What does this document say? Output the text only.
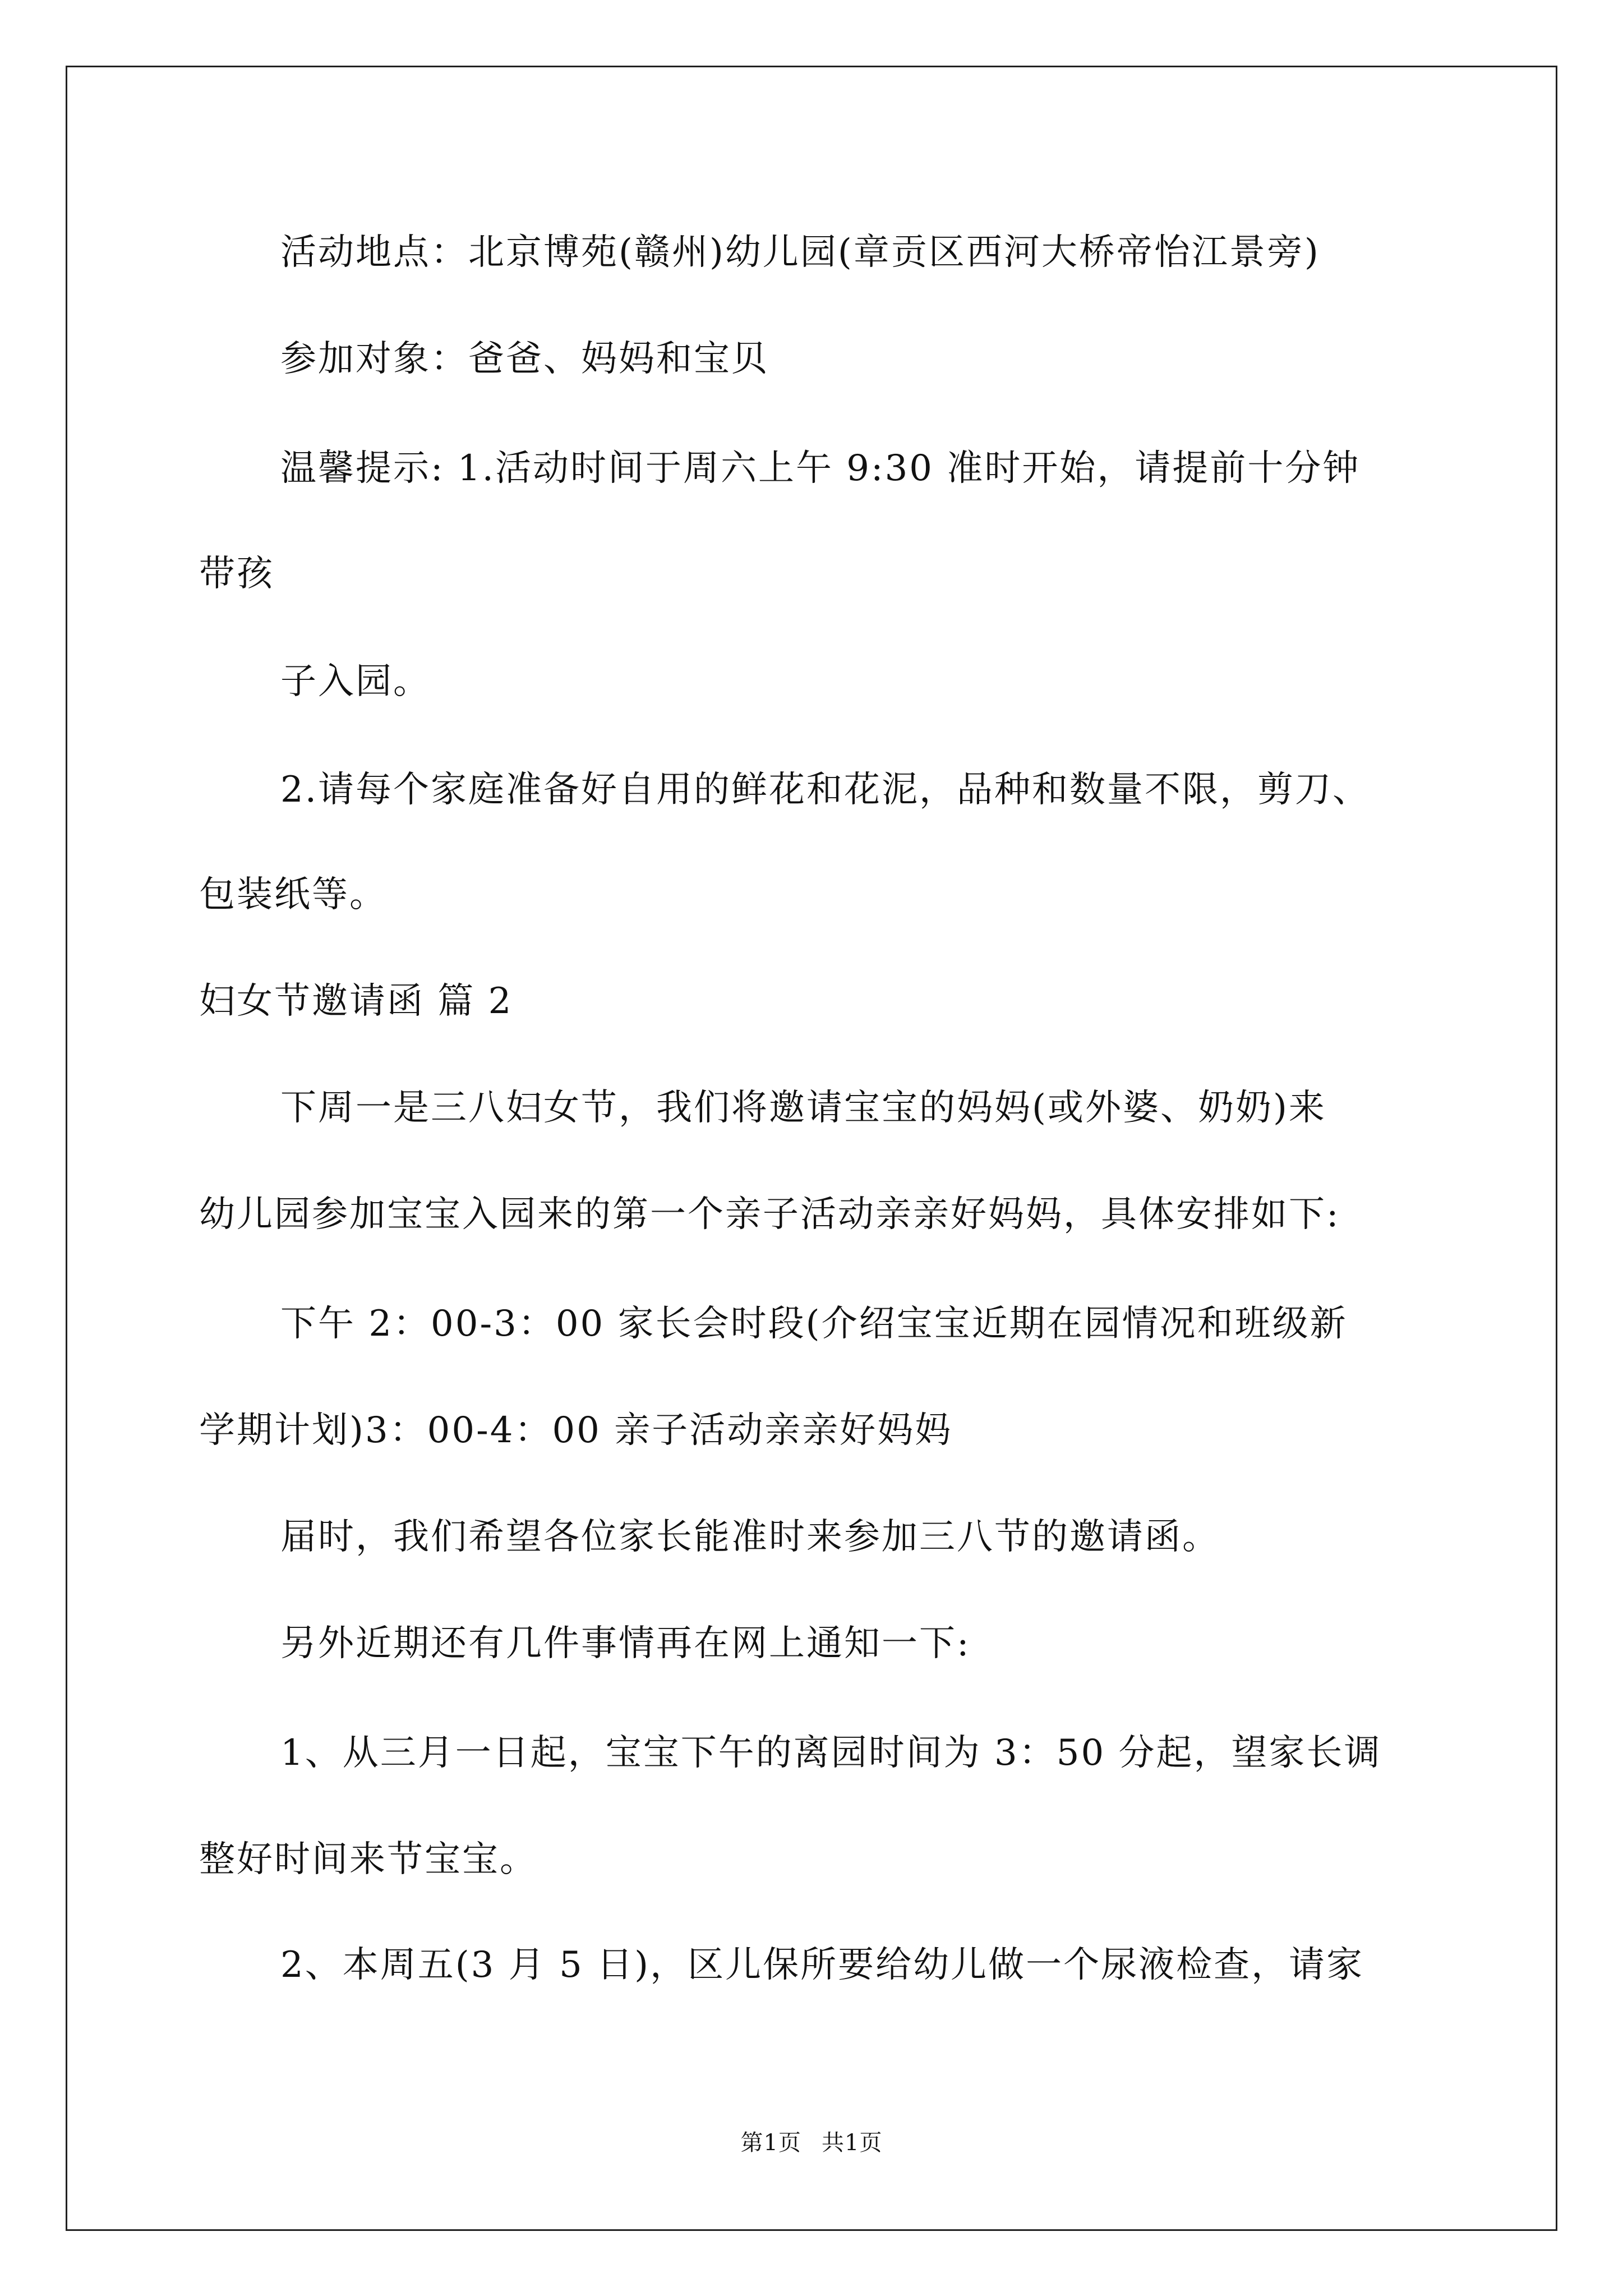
活动地点：北京博苑(赣州)幼儿园(章贡区西河大桥帝怡江景旁)
参加对象：爸爸、妈妈和宝贝
温馨提示: 1.活动时间于周六上午 9:30 准时开始，请提前十分钟
带孩
子入园。
2.请每个家庭准备好自用的鲜花和花泥，品种和数量不限，剪刀、
包装纸等。
妇女节邀请函 篇 2
下周一是三八妇女节，我们将邀请宝宝的妈妈(或外婆、奶奶)来
幼儿园参加宝宝入园来的第一个亲子活动亲亲好妈妈，具体安排如下:
下午 2：00-3：00 家长会时段(介绍宝宝近期在园情况和班级新
学期计划)3：00-4：00 亲子活动亲亲好妈妈
届时，我们希望各位家长能准时来参加三八节的邀请函。
另外近期还有几件事情再在网上通知一下:
1、从三月一日起，宝宝下午的离园时间为 3：50 分起，望家长调
整好时间来节宝宝。
2、本周五(3 月 5 日)，区儿保所要给幼儿做一个尿液检查，请家
第1页 共1页
